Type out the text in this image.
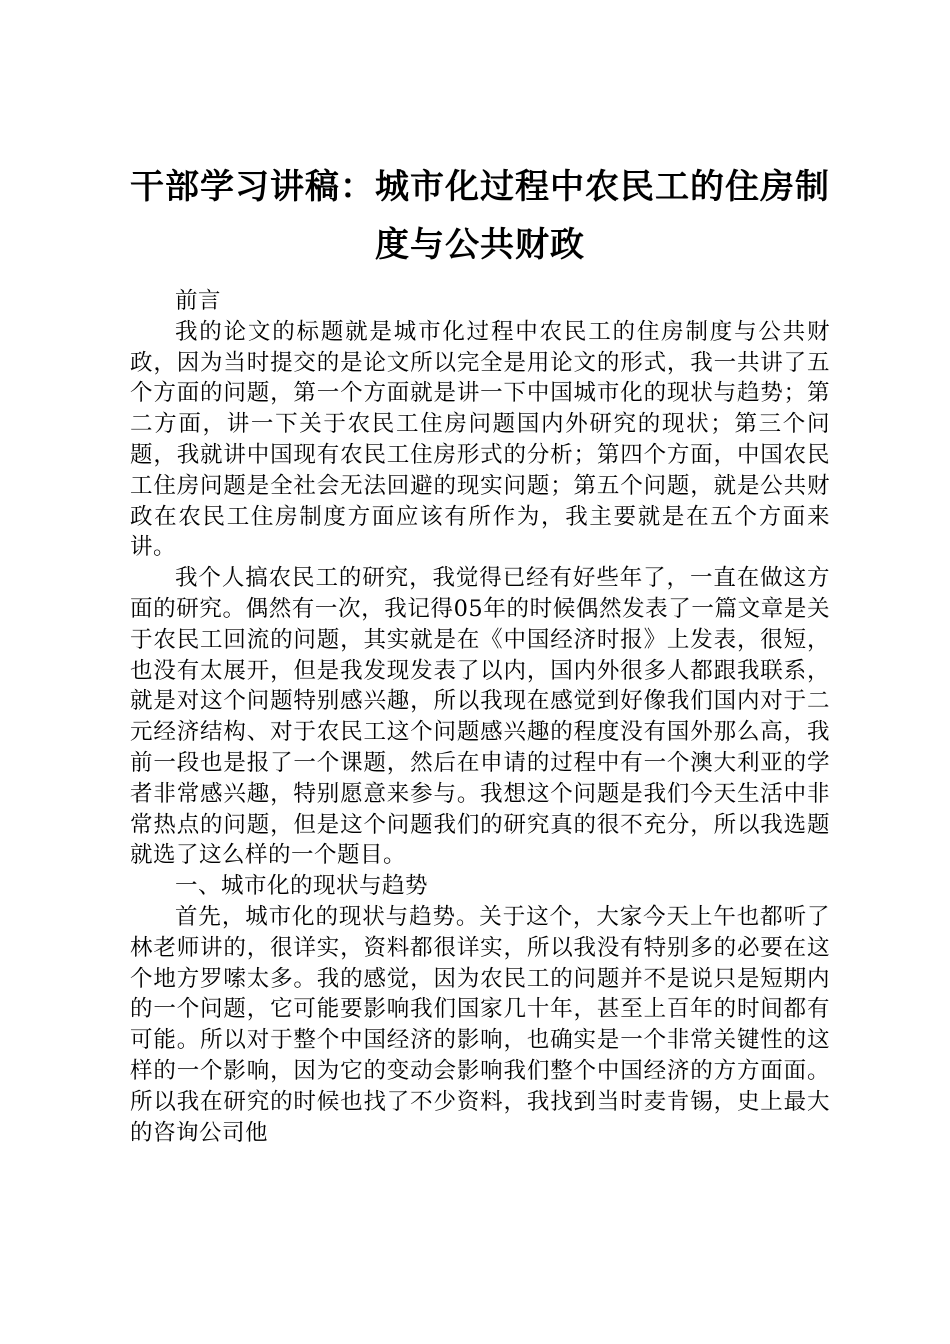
干部学习讲稿：城市化过程中农民工的住房制度与公共财政

前言

我的论文的标题就是城市化过程中农民工的住房制度与公共财政，因为当时提交的是论文所以完全是用论文的形式，我一共讲了五个方面的问题，第一个方面就是讲一下中国城市化的现状与趋势；第二方面，讲一下关于农民工住房问题国内外研究的现状；第三个问题，我就讲中国现有农民工住房形式的分析；第四个方面，中国农民工住房问题是全社会无法回避的现实问题；第五个问题，就是公共财政在农民工住房制度方面应该有所作为，我主要就是在五个方面来讲。

我个人搞农民工的研究，我觉得已经有好些年了，一直在做这方面的研究。偶然有一次，我记得05年的时候偶然发表了一篇文章是关于农民工回流的问题，其实就是在《中国经济时报》上发表，很短，也没有太展开，但是我发现发表了以内，国内外很多人都跟我联系，就是对这个问题特别感兴趣，所以我现在感觉到好像我们国内对于二元经济结构、对于农民工这个问题感兴趣的程度没有国外那么高，我前一段也是报了一个课题，然后在申请的过程中有一个澳大利亚的学者非常感兴趣，特别愿意来参与。我想这个问题是我们今天生活中非常热点的问题，但是这个问题我们的研究真的很不充分，所以我选题就选了这么样的一个题目。

一、城市化的现状与趋势

首先，城市化的现状与趋势。关于这个，大家今天上午也都听了林老师讲的，很详实，资料都很详实，所以我没有特别多的必要在这个地方罗嗦太多。我的感觉，因为农民工的问题并不是说只是短期内的一个问题，它可能要影响我们国家几十年，甚至上百年的时间都有可能。所以对于整个中国经济的影响，也确实是一个非常关键性的这样的一个影响，因为它的变动会影响我们整个中国经济的方方面面。所以我在研究的时候也找了不少资料，我找到当时麦肯锡，史上最大的咨询公司他
